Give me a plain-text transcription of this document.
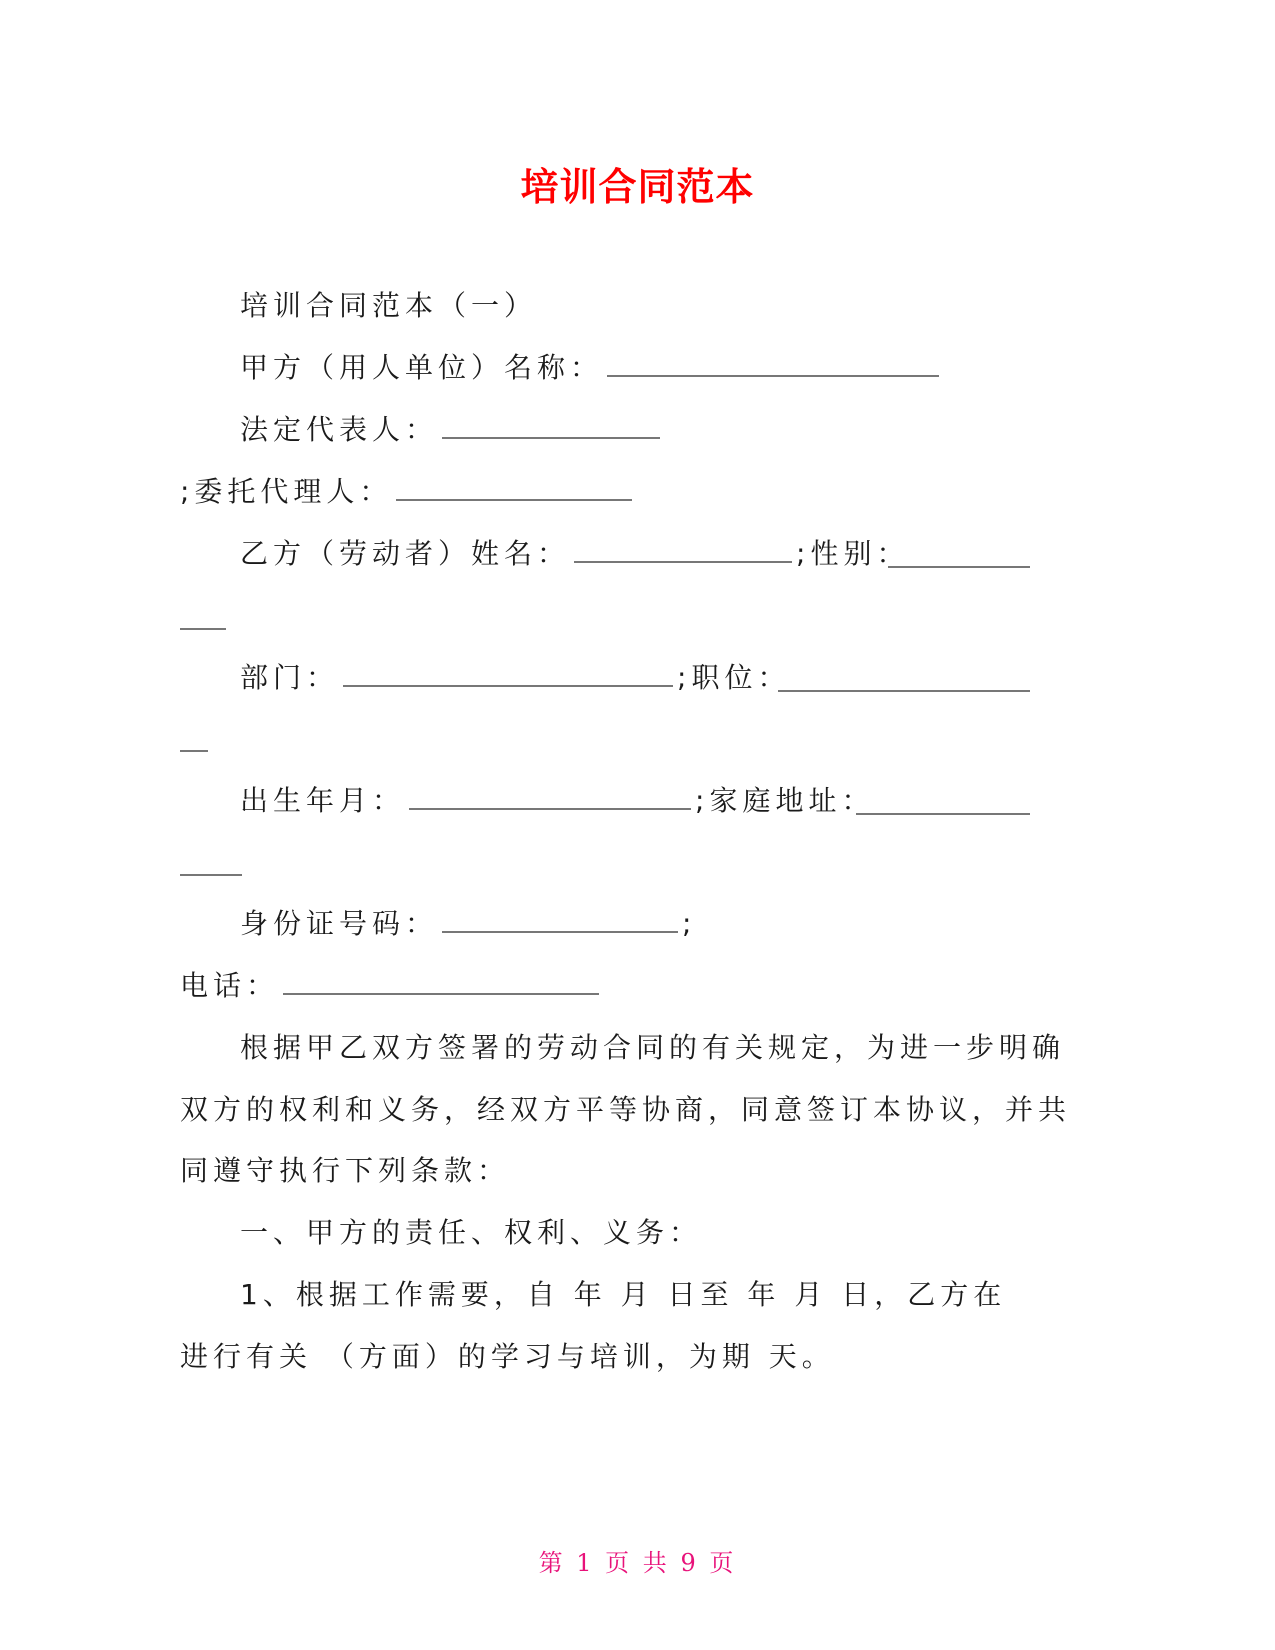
培训合同范本
培训合同范本（一）
甲方（用人单位）名称：
法定代表人：
;委托代理人：
乙方（劳动者）姓名：	;性别：
部门：	;职位：
出生年月：	;家庭地址：
身份证号码：	;
电话：
根据甲乙双方签署的劳动合同的有关规定，为进一步明确
双方的权利和义务，经双方平等协商，同意签订本协议，并共
同遵守执行下列条款：
一、甲方的责任、权利、义务：
1、根据工作需要，自 年 月 日至 年 月 日，乙方在
进行有关 （方面）的学习与培训，为期 天。
第 1 页 共 9 页
